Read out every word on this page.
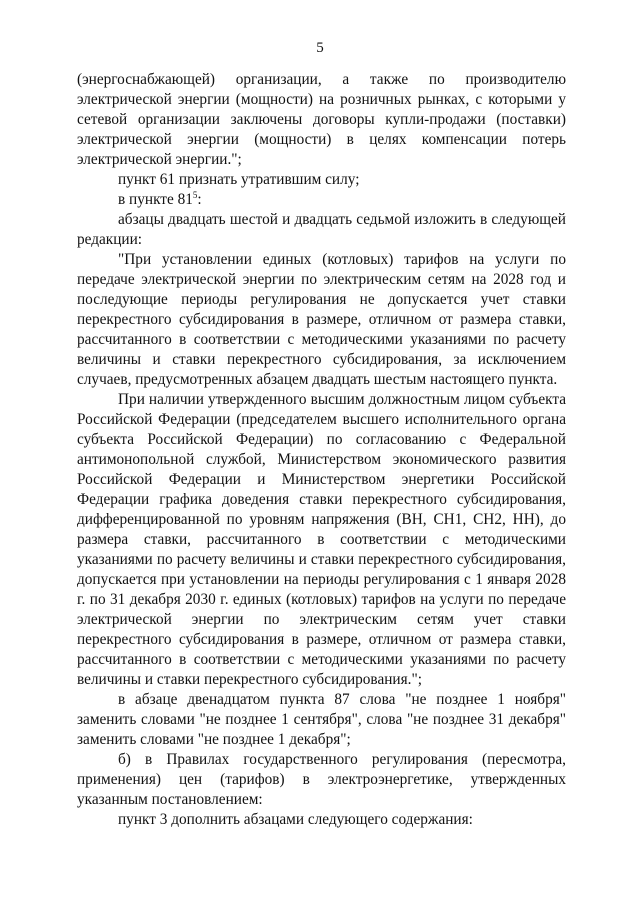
5

(энергоснабжающей) организации, а также по производителю электрической энергии (мощности) на розничных рынках, с которыми у сетевой организации заключены договоры купли-продажи (поставки) электрической энергии (мощности) в целях компенсации потерь электрической энергии.";

пункт 61 признать утратившим силу;

в пункте $81^5$:

абзацы двадцать шестой и двадцать седьмой изложить в следующей редакции:

"При установлении единых (котловых) тарифов на услуги по передаче электрической энергии по электрическим сетям на 2028 год и последующие периоды регулирования не допускается учет ставки перекрестного субсидирования в размере, отличном от размера ставки, рассчитанного в соответствии с методическими указаниями по расчету величины и ставки перекрестного субсидирования, за исключением случаев, предусмотренных абзацем двадцать шестым настоящего пункта.

При наличии утвержденного высшим должностным лицом субъекта Российской Федерации (председателем высшего исполнительного органа субъекта Российской Федерации) по согласованию с Федеральной антимонопольной службой, Министерством экономического развития Российской Федерации и Министерством энергетики Российской Федерации графика доведения ставки перекрестного субсидирования, дифференцированной по уровням напряжения (ВН, СН1, СН2, НН), до размера ставки, рассчитанного в соответствии с методическими указаниями по расчету величины и ставки перекрестного субсидирования, допускается при установлении на периоды регулирования с 1 января 2028 г. по 31 декабря 2030 г. единых (котловых) тарифов на услуги по передаче электрической энергии по электрическим сетям учет ставки перекрестного субсидирования в размере, отличном от размера ставки, рассчитанного в соответствии с методическими указаниями по расчету величины и ставки перекрестного субсидирования.";

в абзаце двенадцатом пункта 87 слова "не позднее 1 ноября" заменить словами "не позднее 1 сентября", слова "не позднее 31 декабря" заменить словами "не позднее 1 декабря";

б) в Правилах государственного регулирования (пересмотра, применения) цен (тарифов) в электроэнергетике, утвержденных указанным постановлением:

пункт 3 дополнить абзацами следующего содержания:
